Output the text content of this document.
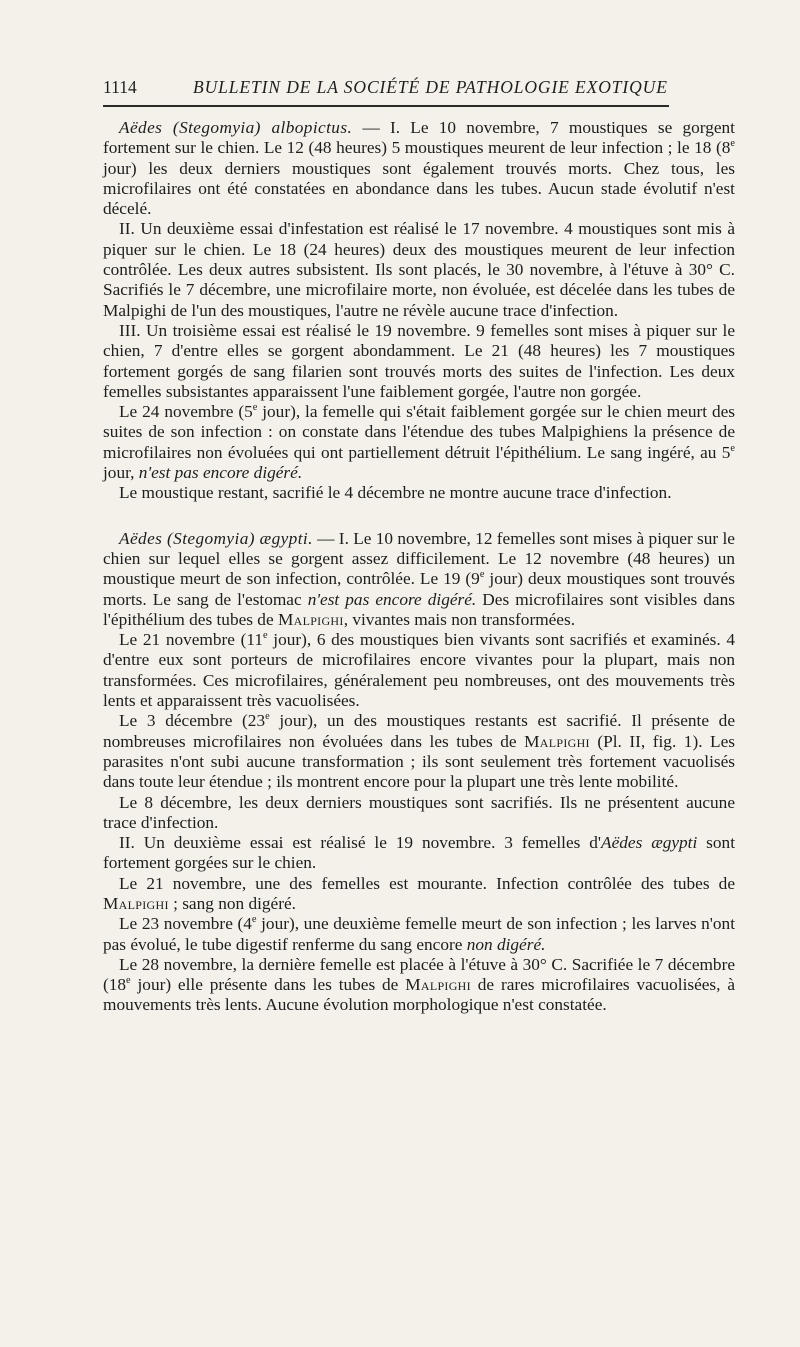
1114	BULLETIN DE LA SOCIÉTÉ DE PATHOLOGIE EXOTIQUE

Aëdes (Stegomyia) albopictus. — I. Le 10 novembre, 7 moustiques se gorgent fortement sur le chien. Le 12 (48 heures) 5 moustiques meurent de leur infection ; le 18 (8e jour) les deux derniers moustiques sont également trouvés morts. Chez tous, les microfilaires ont été constatées en abondance dans les tubes. Aucun stade évolutif n'est décelé.

II. Un deuxième essai d'infestation est réalisé le 17 novembre. 4 moustiques sont mis à piquer sur le chien. Le 18 (24 heures) deux des moustiques meurent de leur infection contrôlée. Les deux autres subsistent. Ils sont placés, le 30 novembre, à l'étuve à 30° C. Sacrifiés le 7 décembre, une microfilaire morte, non évoluée, est décelée dans les tubes de Malpighi de l'un des moustiques, l'autre ne révèle aucune trace d'infection.

III. Un troisième essai est réalisé le 19 novembre. 9 femelles sont mises à piquer sur le chien, 7 d'entre elles se gorgent abondamment. Le 21 (48 heures) les 7 moustiques fortement gorgés de sang filarien sont trouvés morts des suites de l'infection. Les deux femelles subsistantes apparaissent l'une faiblement gorgée, l'autre non gorgée.

Le 24 novembre (5e jour), la femelle qui s'était faiblement gorgée sur le chien meurt des suites de son infection : on constate dans l'étendue des tubes Malpighiens la présence de microfilaires non évoluées qui ont partiellement détruit l'épithélium. Le sang ingéré, au 5e jour, n'est pas encore digéré.

Le moustique restant, sacrifié le 4 décembre ne montre aucune trace d'infection.

Aëdes (Stegomyia) ægypti. — I. Le 10 novembre, 12 femelles sont mises à piquer sur le chien sur lequel elles se gorgent assez difficilement. Le 12 novembre (48 heures) un moustique meurt de son infection, contrôlée. Le 19 (9e jour) deux moustiques sont trouvés morts. Le sang de l'estomac n'est pas encore digéré. Des microfilaires sont visibles dans l'épithélium des tubes de Malpighi, vivantes mais non transformées.

Le 21 novembre (11e jour), 6 des moustiques bien vivants sont sacrifiés et examinés. 4 d'entre eux sont porteurs de microfilaires encore vivantes pour la plupart, mais non transformées. Ces microfilaires, généralement peu nombreuses, ont des mouvements très lents et apparaissent très vacuolisées.

Le 3 décembre (23e jour), un des moustiques restants est sacrifié. Il présente de nombreuses microfilaires non évoluées dans les tubes de Malpighi (Pl. II, fig. 1). Les parasites n'ont subi aucune transformation ; ils sont seulement très fortement vacuolisés dans toute leur étendue ; ils montrent encore pour la plupart une très lente mobilité.

Le 8 décembre, les deux derniers moustiques sont sacrifiés. Ils ne présentent aucune trace d'infection.

II. Un deuxième essai est réalisé le 19 novembre. 3 femelles d'Aëdes ægypti sont fortement gorgées sur le chien.

Le 21 novembre, une des femelles est mourante. Infection contrôlée des tubes de Malpighi ; sang non digéré.

Le 23 novembre (4e jour), une deuxième femelle meurt de son infection ; les larves n'ont pas évolué, le tube digestif renferme du sang encore non digéré.

Le 28 novembre, la dernière femelle est placée à l'étuve à 30° C. Sacrifiée le 7 décembre (18e jour) elle présente dans les tubes de Malpighi de rares microfilaires vacuolisées, à mouvements très lents. Aucune évolution morphologique n'est constatée.
